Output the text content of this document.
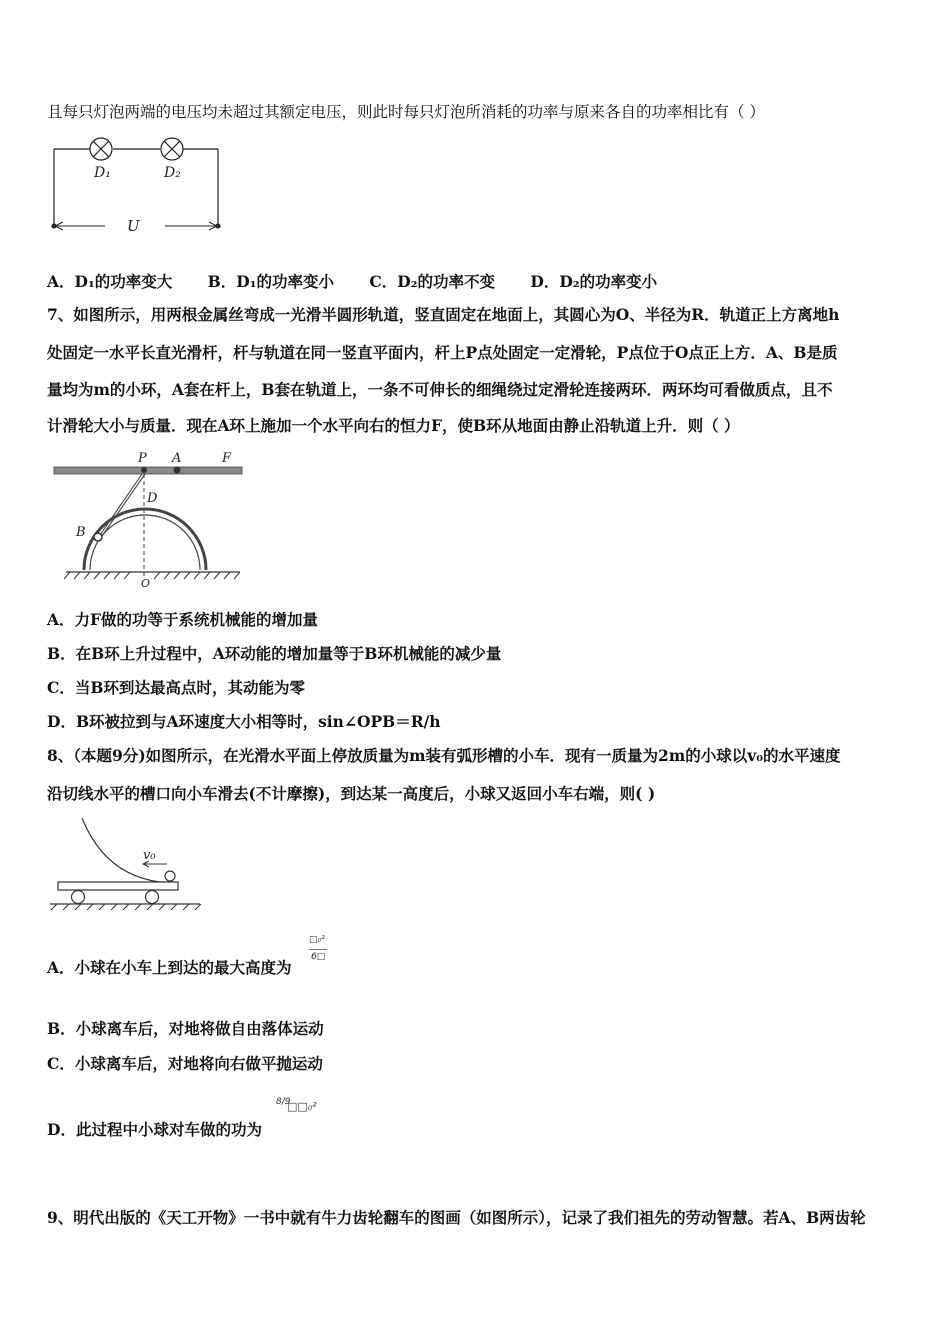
且每只灯泡两端的电压均未超过其额定电压，则此时每只灯泡所消耗的功率与原来各自的功率相比有（ ）
D₁	D₂
U
A．D₁的功率变大 B．D₁的功率变小 C．D₂的功率不变 D．D₂的功率变小
7、如图所示，用两根金属丝弯成一光滑半圆形轨道，竖直固定在地面上，其圆心为O、半径为R．轨道正上方离地h
处固定一水平长直光滑杆，杆与轨道在同一竖直平面内，杆上P点处固定一定滑轮，P点位于O点正上方．A、B是质
量均为m的小环，A套在杆上，B套在轨道上，一条不可伸长的细绳绕过定滑轮连接两环．两环均可看做质点，且不
计滑轮大小与质量．现在A环上施加一个水平向右的恒力F，使B环从地面由静止沿轨道上升．则（ ）
P A	F
D
B
O
A．力F做的功等于系统机械能的增加量
B．在B环上升过程中，A环动能的增加量等于B环机械能的减少量
C．当B环到达最高点时，其动能为零
D．B环被拉到与A环速度大小相等时，sin∠OPB＝R/h
8、（本题9分)如图所示，在光滑水平面上停放质量为m装有弧形槽的小车．现有一质量为2m的小球以v₀的水平速度
沿切线水平的槽口向小车滑去(不计摩擦)，到达某一高度后，小球又返回小车右端，则( )
v₀
A．小球在小车上到达的最大高度为
□₀²
6□
B．小球离车后，对地将做自由落体运动
C．小球离车后，对地将向右做平抛运动
D．此过程中小球对车做的功为
8/9
□□₀²
9、明代出版的《天工开物》一书中就有牛力齿轮翻车的图画（如图所示），记录了我们祖先的劳动智慧。若A、B两齿轮
